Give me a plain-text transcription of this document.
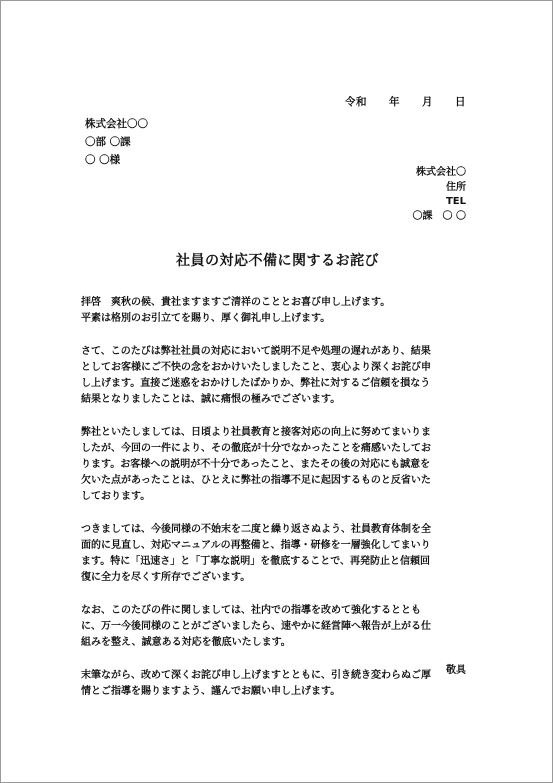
令和　　年　　月　　日
株式会社〇〇
〇部 〇課
〇 〇様
株式会社〇
住所
TEL
〇課　〇 〇
社員の対応不備に関するお詫び
拝啓　爽秋の候、貴社ますますご清祥のこととお喜び申し上げます。
平素は格別のお引立てを賜り、厚く御礼申し上げます。
さて、このたびは弊社社員の対応において説明不足や処理の遅れがあり、結果
としてお客様にご不快の念をおかけいたしましたこと、衷心より深くお詫び申
し上げます。直接ご迷惑をおかけしたばかりか、弊社に対するご信頼を損なう
結果となりましたことは、誠に痛恨の極みでございます。
弊社といたしましては、日頃より社員教育と接客対応の向上に努めてまいりま
したが、今回の一件により、その徹底が十分でなかったことを痛感いたしてお
ります。お客様への説明が不十分であったこと、またその後の対応にも誠意を
欠いた点があったことは、ひとえに弊社の指導不足に起因するものと反省いた
しております。
つきましては、今後同様の不始末を二度と繰り返さぬよう、社員教育体制を全
面的に見直し、対応マニュアルの再整備と、指導・研修を一層強化してまいり
ます。特に「迅速さ」と「丁寧な説明」を徹底することで、再発防止と信頼回
復に全力を尽くす所存でございます。
なお、このたびの件に関しましては、社内での指導を改めて強化するととも
に、万一今後同様のことがございましたら、速やかに経営陣へ報告が上がる仕
組みを整え、誠意ある対応を徹底いたします。
末筆ながら、改めて深くお詫び申し上げますとともに、引き続き変わらぬご厚
情とご指導を賜りますよう、謹んでお願い申し上げます。
敬具
